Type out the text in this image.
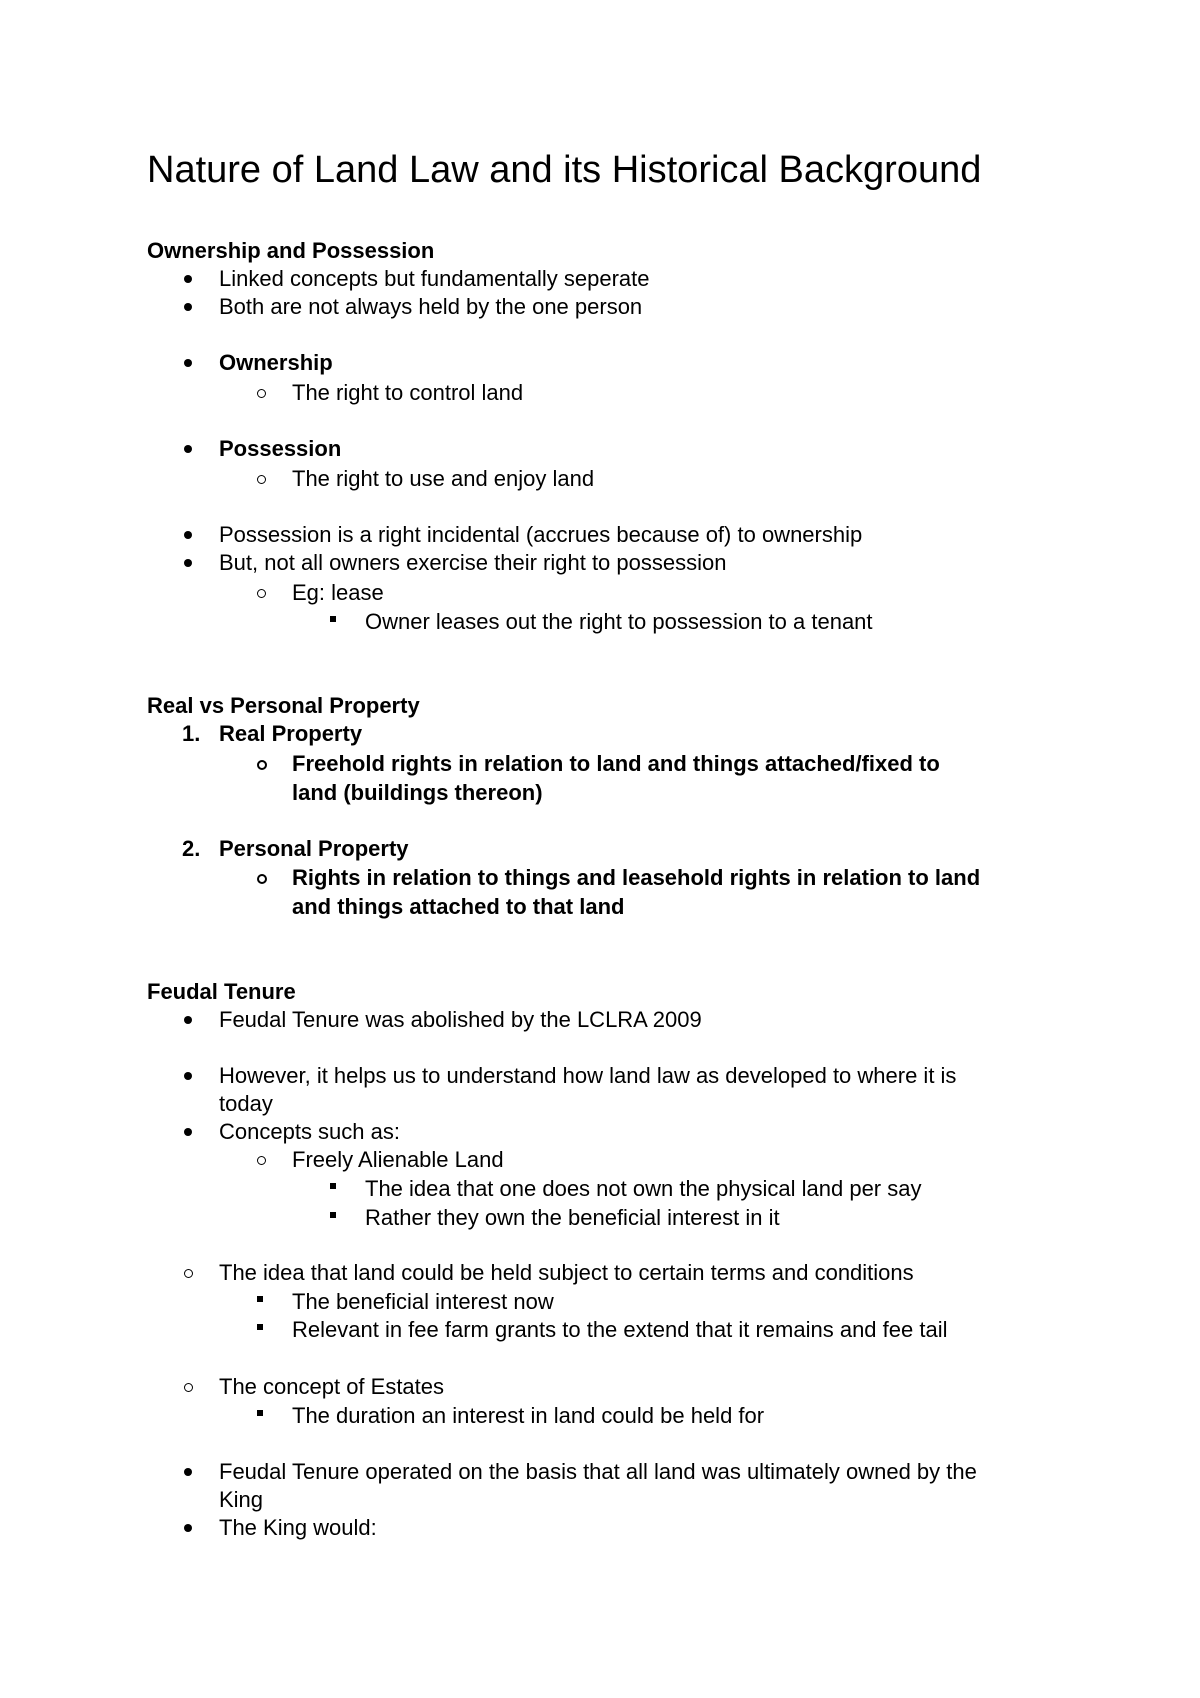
Nature of Land Law and its Historical Background
Ownership and Possession
Linked concepts but fundamentally seperate
Both are not always held by the one person
Ownership
The right to control land
Possession
The right to use and enjoy land
Possession is a right incidental (accrues because of) to ownership
But, not all owners exercise their right to possession
Eg: lease
Owner leases out the right to possession to a tenant
Real vs Personal Property
1. Real Property
Freehold rights in relation to land and things attached/fixed to
land (buildings thereon)
2. Personal Property
Rights in relation to things and leasehold rights in relation to land
and things attached to that land
Feudal Tenure
Feudal Tenure was abolished by the LCLRA 2009
However, it helps us to understand how land law as developed to where it is
today
Concepts such as:
Freely Alienable Land
The idea that one does not own the physical land per say
Rather they own the beneficial interest in it
The idea that land could be held subject to certain terms and conditions
The beneficial interest now
Relevant in fee farm grants to the extend that it remains and fee tail
The concept of Estates
The duration an interest in land could be held for
Feudal Tenure operated on the basis that all land was ultimately owned by the
King
The King would:
